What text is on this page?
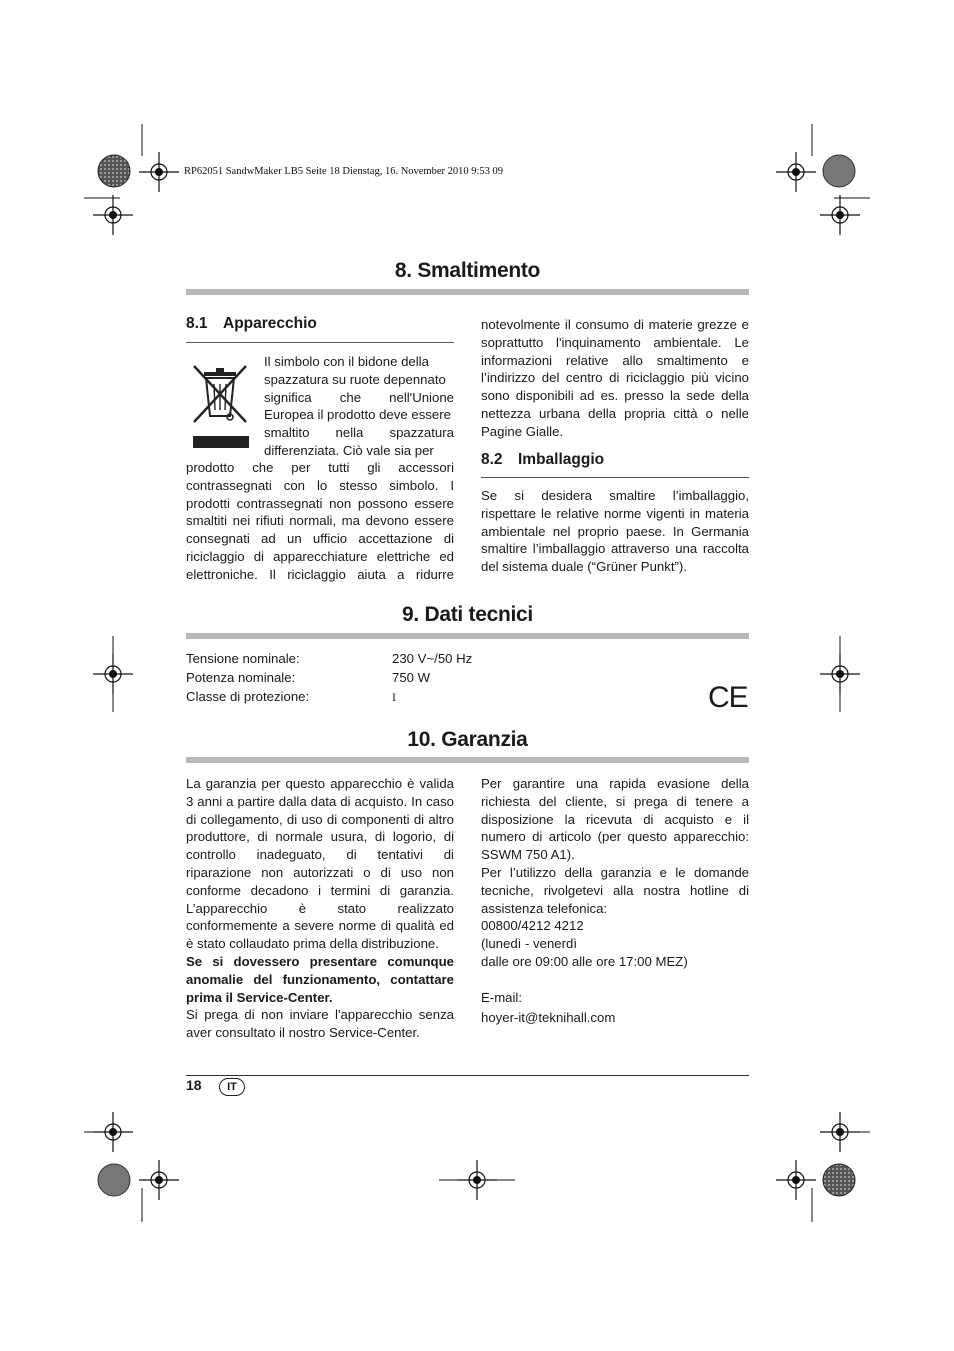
RP62051 SandwMaker LB5 Seite 18 Dienstag, 16. November 2010 9:53 09
8. Smaltimento
8.1 Apparecchio
Il simbolo con il bidone della
spazzatura su ruote depennato
significa che nell'Unione
Europea il prodotto deve essere
smaltito nella spazzatura
differenziata. Ciò vale sia per
prodotto che per tutti gli accessori contrassegnati con lo stesso simbolo. I prodotti contrassegnati non possono essere smaltiti nei rifiuti normali, ma devono essere consegnati ad un ufficio accettazione di riciclaggio di apparecchiature elettriche ed elettroniche. Il riciclaggio aiuta a ridurre
notevolmente il consumo di materie grezze e soprattutto l'inquinamento ambientale. Le informazioni relative allo smaltimento e l’indirizzo del centro di riciclaggio più vicino sono disponibili ad es. presso la sede della nettezza urbana della propria città o nelle Pagine Gialle.
8.2 Imballaggio
Se si desidera smaltire l’imballaggio, rispettare le relative norme vigenti in materia ambientale nel proprio paese. In Germania smaltire l’imballaggio attraverso una raccolta del sistema duale (“Grüner Punkt”).
9. Dati tecnici
Tensione nominale:	230 V~/50 Hz
Potenza nominale:	750 W
Classe di protezione:	I	CE
10. Garanzia

La garanzia per questo apparecchio è valida 3 anni a partire dalla data di acquisto. In caso di collegamento, di uso di componenti di altro produttore, di normale usura, di logorio, di controllo inadeguato, di tentativi di riparazione non autorizzati o di uso non conforme decadono i termini di garanzia. L’apparecchio è stato realizzato conformemente a severe norme di qualità ed è stato collaudato prima della distribuzione.

Se si dovessero presentare comunque anomalie del funzionamento, contattare prima il Service-Center.

Si prega di non inviare l'apparecchio senza aver consultato il nostro Service-Center.

Per garantire una rapida evasione della richiesta del cliente, si prega di tenere a disposizione la ricevuta di acquisto e il numero di articolo (per questo apparecchio: SSWM 750 A1).

Per l’utilizzo della garanzia e le domande tecniche, rivolgetevi alla nostra hotline di assistenza telefonica:

00800/4212 4212

(lunedì - venerdì

dalle ore 09:00 alle ore 17:00 MEZ)

E-mail:

hoyer-it@teknihall.com

18	IT
